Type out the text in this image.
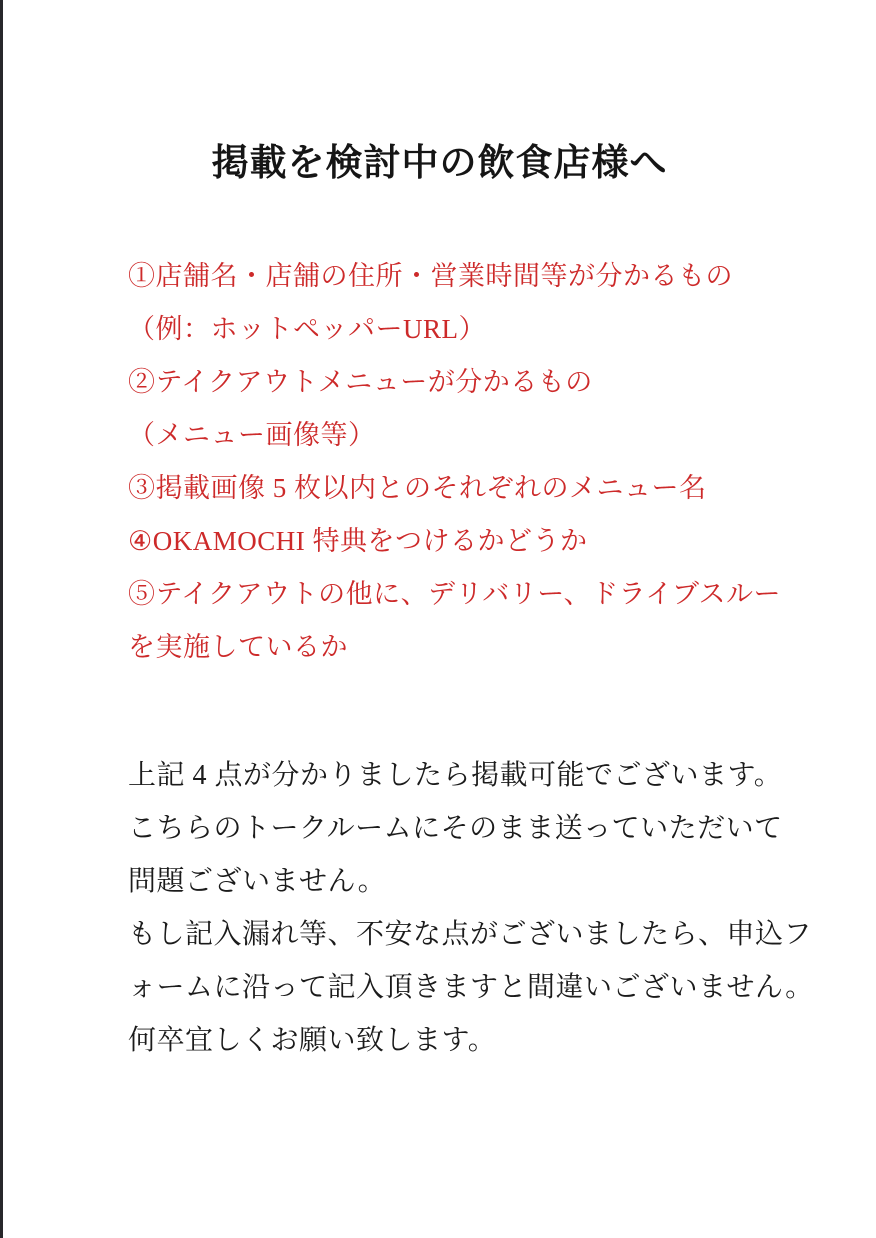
掲載を検討中の飲食店様へ

①店舗名・店舗の住所・営業時間等が分かるもの

（例：ホットペッパーURL）

②テイクアウトメニューが分かるもの

（メニュー画像等）

③掲載画像 5 枚以内とのそれぞれのメニュー名

④OKAMOCHI 特典をつけるかどうか

⑤テイクアウトの他に、デリバリー、ドライブスルー

を実施しているか

上記 4 点が分かりましたら掲載可能でございます。

こちらのトークルームにそのまま送っていただいて

問題ございません。

もし記入漏れ等、不安な点がございましたら、申込フ

ォームに沿って記入頂きますと間違いございません。

何卒宜しくお願い致します。
